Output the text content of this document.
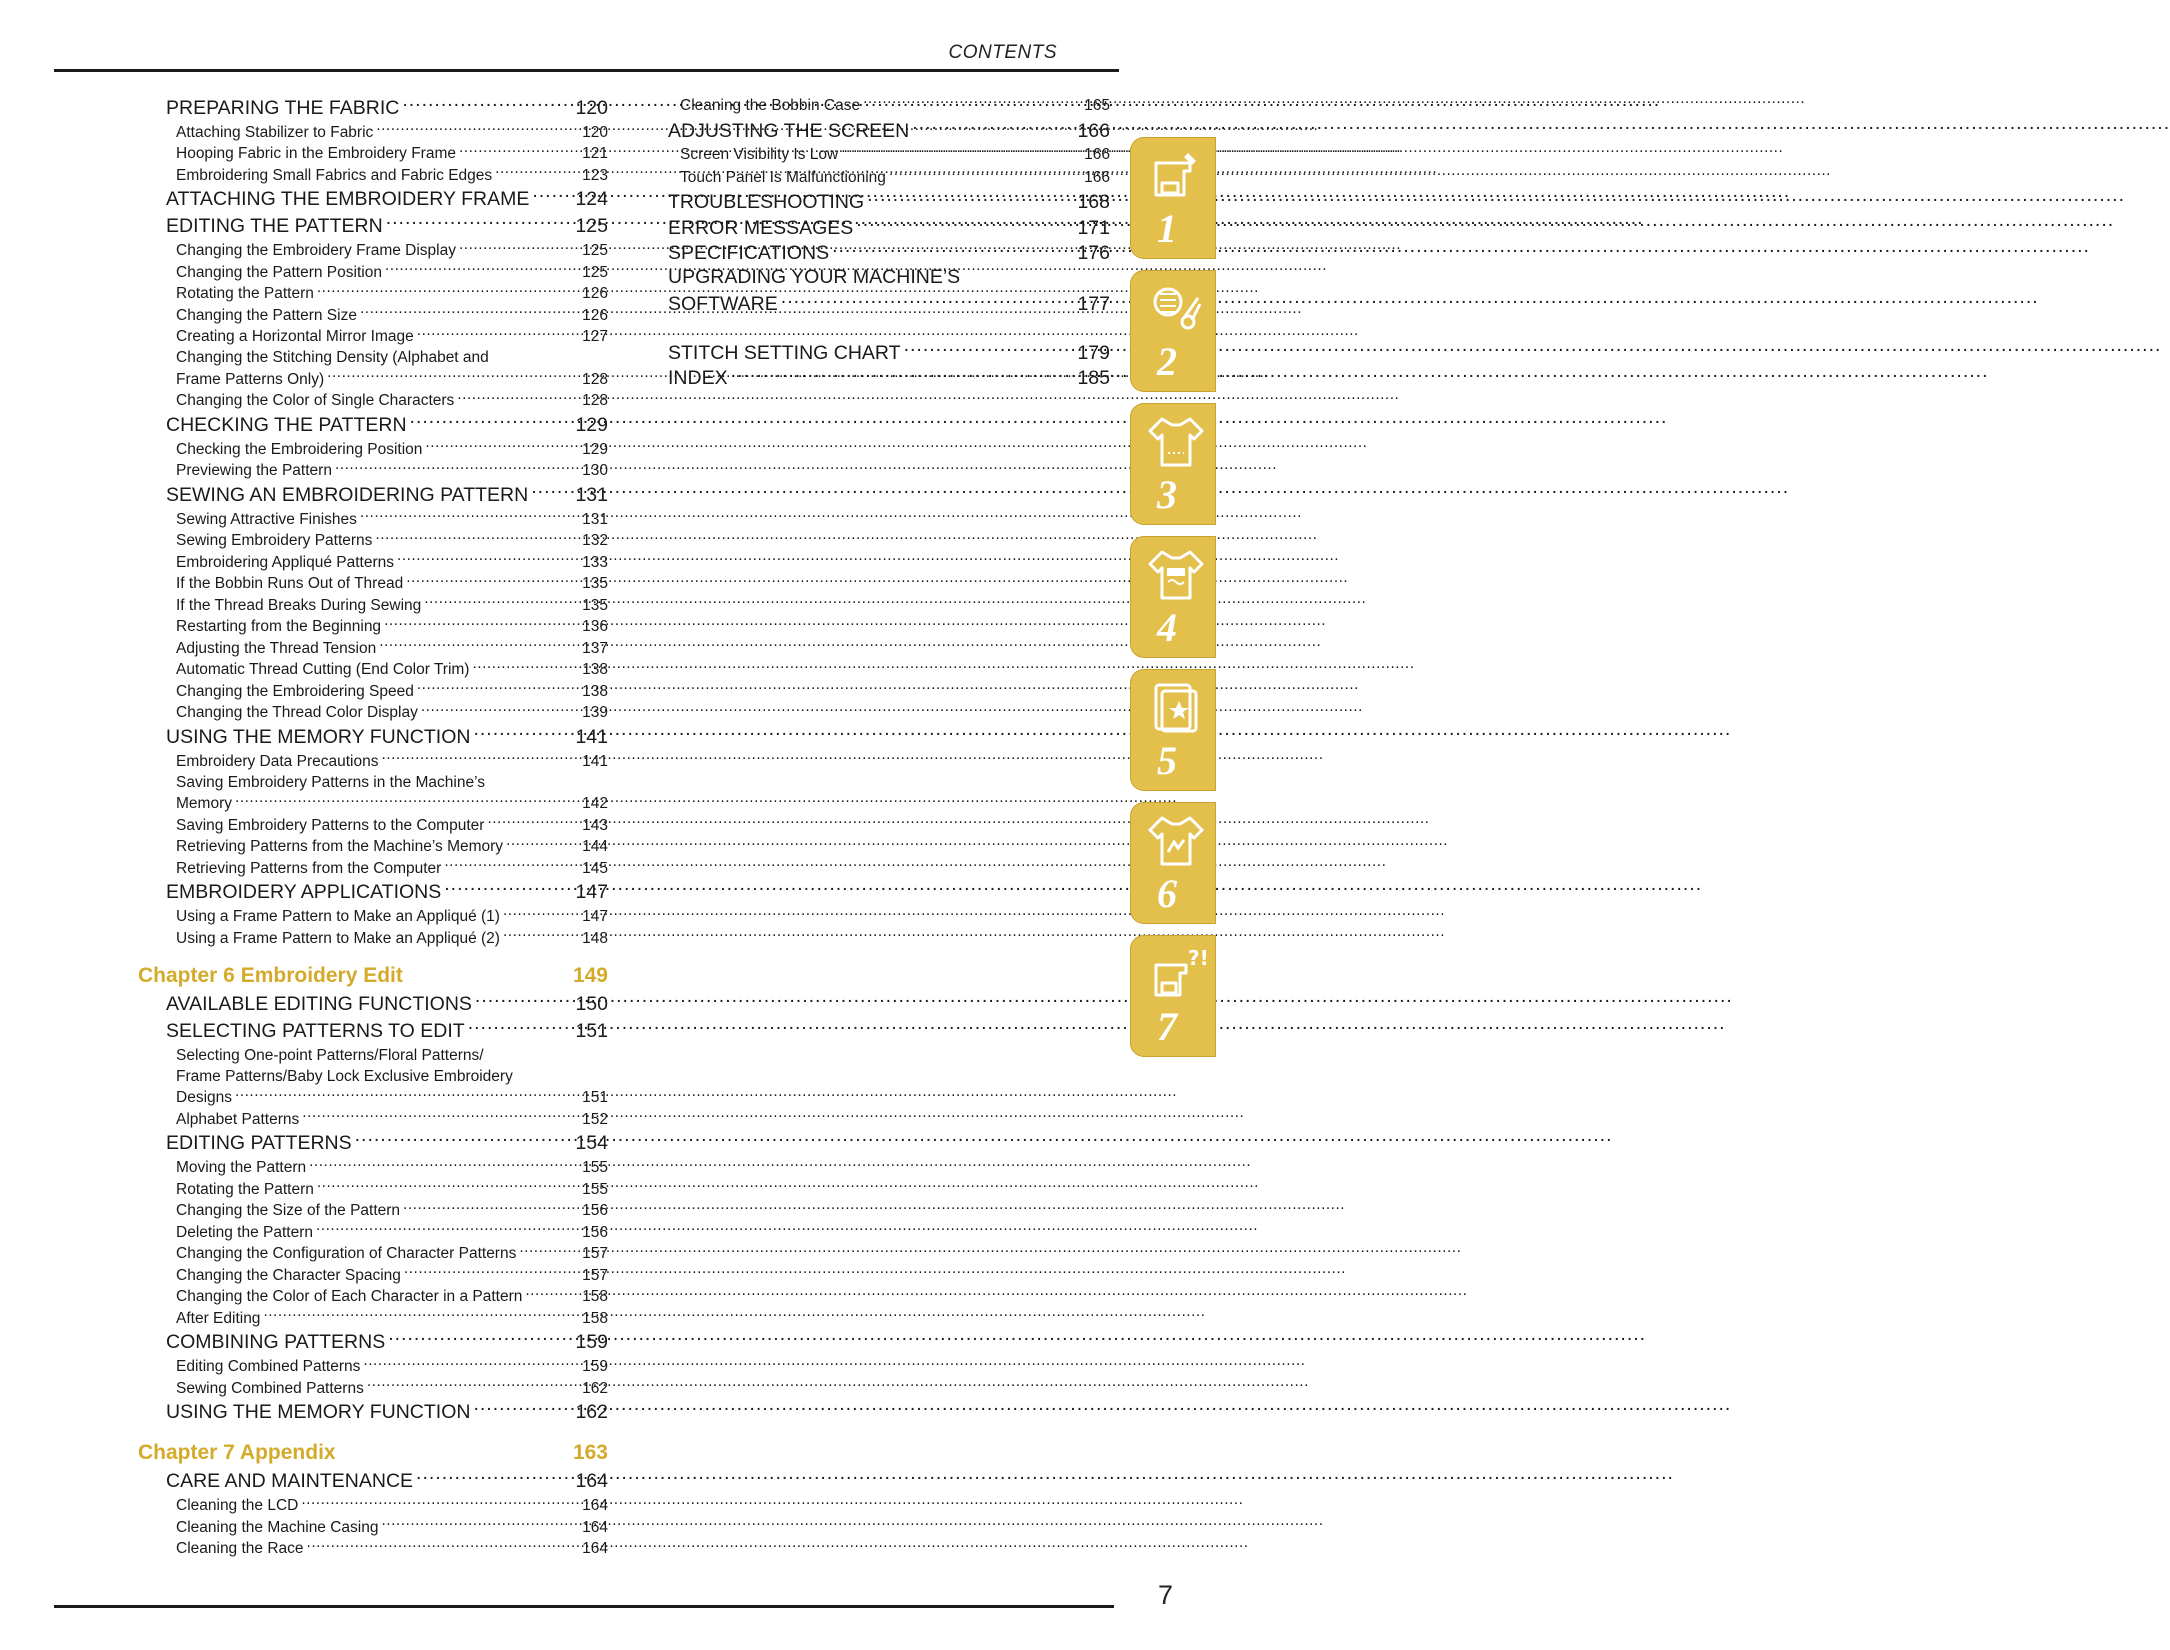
CONTENTS
PREPARING THE FABRIC .....	120
Attaching Stabilizer to Fabric .....	120
Hooping Fabric in the Embroidery Frame .....	121
Embroidering Small Fabrics and Fabric Edges .....	123
ATTACHING THE EMBROIDERY FRAME ..... 124
EDITING THE PATTERN .....	125
Changing the Embroidery Frame Display .....	125
Changing the Pattern Position .....	125
Rotating the Pattern .....	126
Changing the Pattern Size .....	126
Creating a Horizontal Mirror Image .....	127
Changing the Stitching Density (Alphabet and
Frame Patterns Only) .....	128
Changing the Color of Single Characters .....	128
CHECKING THE PATTERN .....	129
Checking the Embroidering Position .....	129
Previewing the Pattern .....	130
SEWING AN EMBROIDERING PATTERN ..... 131
Sewing Attractive Finishes .....	131
Sewing Embroidery Patterns .....	132
Embroidering Appliqué Patterns .....	133
If the Bobbin Runs Out of Thread .....	135
If the Thread Breaks During Sewing .....	135
Restarting from the Beginning .....	136
Adjusting the Thread Tension .....	137
Automatic Thread Cutting (End Color Trim) .....	138
Changing the Embroidering Speed .....	138
Changing the Thread Color Display .....	139
USING THE MEMORY FUNCTION .....	141
Embroidery Data Precautions .....	141
Saving Embroidery Patterns in the Machine’s
Memory .....	142
Saving Embroidery Patterns to the Computer .....	143
Retrieving Patterns from the Machine’s Memory .....	144
Retrieving Patterns from the Computer .....	145
EMBROIDERY APPLICATIONS .....	147
Using a Frame Pattern to Make an Appliqué (1) .....	147
Using a Frame Pattern to Make an Appliqué (2) .....	148
Chapter 6 Embroidery Edit	149
AVAILABLE EDITING FUNCTIONS .....	150
SELECTING PATTERNS TO EDIT .....	151
Selecting One-point Patterns/Floral Patterns/
Frame Patterns/Baby Lock Exclusive Embroidery
Designs .....	151
Alphabet Patterns .....	152
EDITING PATTERNS .....	154
Moving the Pattern .....	155
Rotating the Pattern .....	155
Changing the Size of the Pattern .....	156
Deleting the Pattern .....	156
Changing the Configuration of Character Patterns .....	157
Changing the Character Spacing .....	157
Changing the Color of Each Character in a Pattern .....	158
After Editing .....	158
COMBINING PATTERNS .....	159
Editing Combined Patterns .....	159
Sewing Combined Patterns .....	162
USING THE MEMORY FUNCTION .....	162
Chapter 7 Appendix	163
CARE AND MAINTENANCE .....	164
Cleaning the LCD .....	164
Cleaning the Machine Casing .....	164
Cleaning the Race .....	164
Cleaning the Bobbin Case .....	165
ADJUSTING THE SCREEN .....	166
Screen Visibility Is Low .....	166
Touch Panel Is Malfunctioning .....	166
TROUBLESHOOTING .....	168
ERROR MESSAGES .....	171
SPECIFICATIONS .....	176
UPGRADING YOUR MACHINE’S
SOFTWARE .....	177
STITCH SETTING CHART .....	179
INDEX .....	185
1
2
3
4
5
6
?!
7
7
